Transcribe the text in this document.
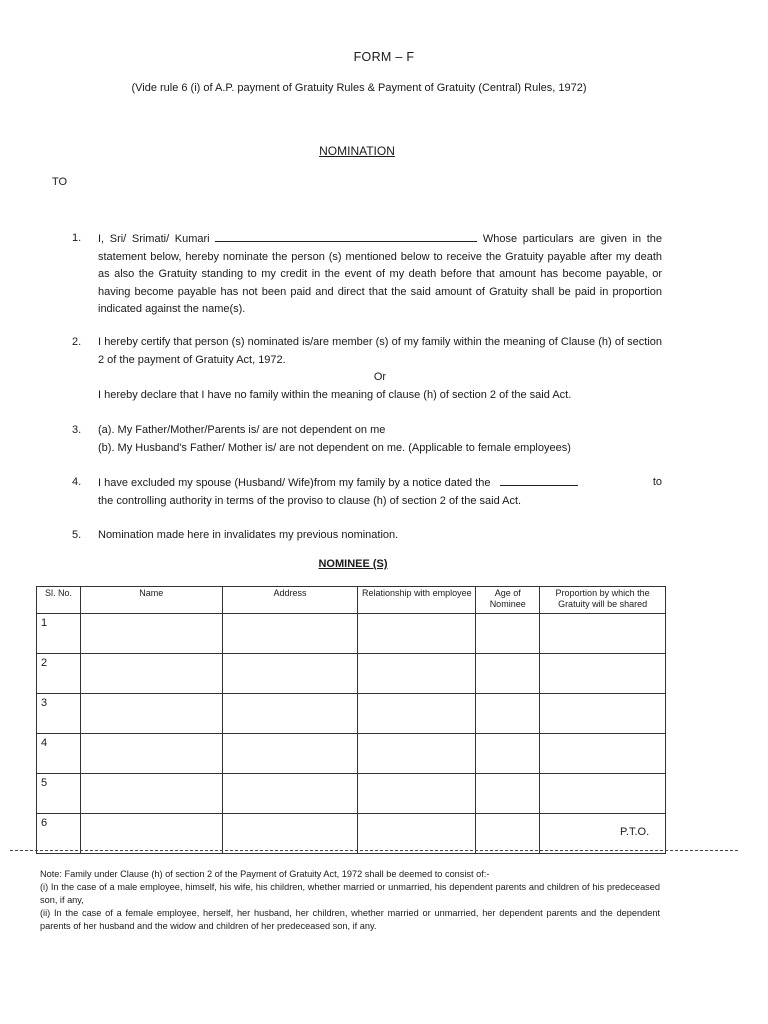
FORM – F
(Vide rule 6 (i) of A.P. payment of Gratuity Rules & Payment of Gratuity (Central) Rules, 1972)
NOMINATION
TO
1.	I, Sri/ Srimati/ Kumari	Whose particulars are given in the statement below, hereby nominate the person (s) mentioned below to receive the Gratuity payable after my death as also the Gratuity standing to my credit in the event of my death before that amount has become payable, or having become payable has not been paid and direct that the said amount of Gratuity shall be paid in proportion indicated against the name(s).
2.	I hereby certify that person (s) nominated is/are member (s) of my family within the meaning of Clause (h) of section 2 of the payment of Gratuity Act, 1972.
Or
I hereby declare that I have no family within the meaning of clause (h) of section 2 of the said Act.
3.	(a). My Father/Mother/Parents is/ are not dependent on me
(b). My Husband's Father/ Mother is/ are not dependent on me. (Applicable to female employees)
4.	I have excluded my spouse (Husband/ Wife)from my family by a notice dated the	to
the controlling authority in terms of the proviso to clause (h) of section 2 of the said Act.
5.	Nomination made here in invalidates my previous nomination.
NOMINEE (S)
Sl. No.	Name	Address	Relationship with employee	Age of Nominee	Proportion by which the Gratuity will be shared
1					
2					
3					
4					
5					
6					
P.T.O.

Note: Family under Clause (h) of section 2 of the Payment of Gratuity Act, 1972 shall be deemed to consist of:-

(i) In the case of a male employee, himself, his wife, his children, whether married or unmarried, his dependent parents and children of his predeceased son, if any,

(ii) In the case of a female employee, herself, her husband, her children, whether married or unmarried, her dependent parents and the dependent parents of her husband and the widow and children of her predeceased son, if any.
